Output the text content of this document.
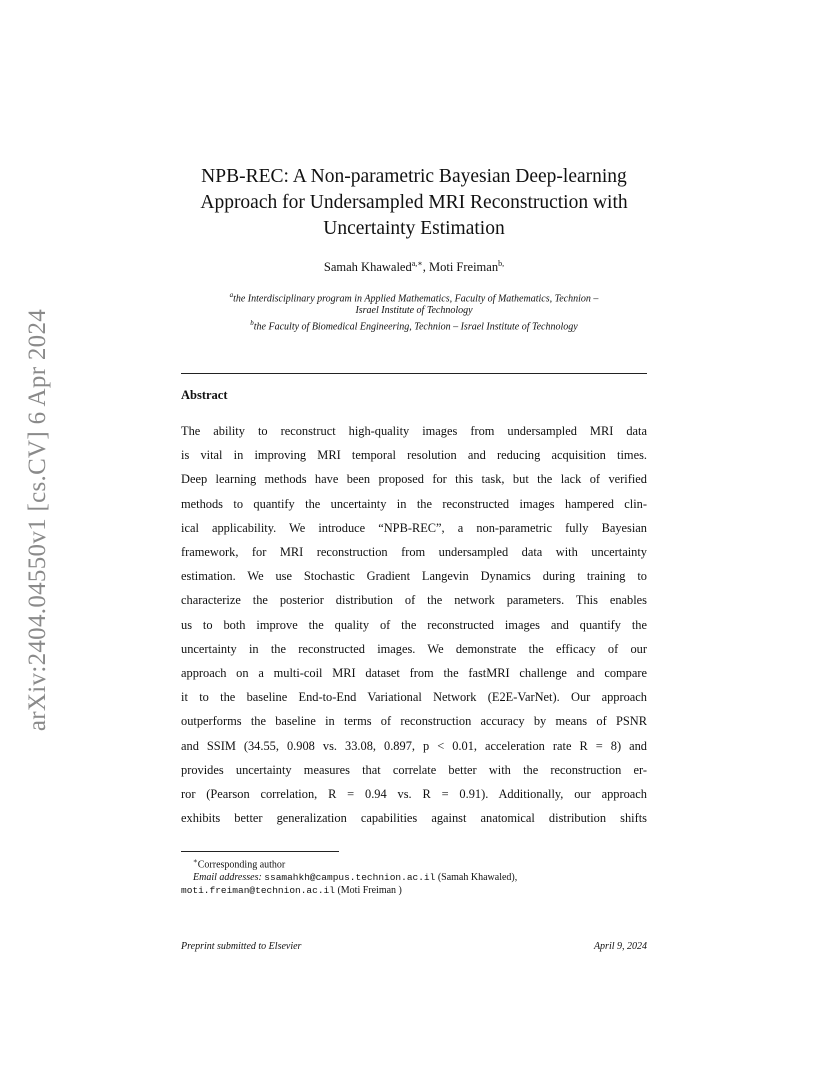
arXiv:2404.04550v1 [cs.CV] 6 Apr 2024
NPB-REC: A Non-parametric Bayesian Deep-learning
Approach for Undersampled MRI Reconstruction with
Uncertainty Estimation
Samah Khawaled$^{a,∗}$, Moti Freiman$^{b,}$
$^a$the Interdisciplinary program in Applied Mathematics, Faculty of Mathematics, Technion –
Israel Institute of Technology
$^b$the Faculty of Biomedical Engineering, Technion – Israel Institute of Technology
Abstract
The ability to reconstruct high-quality images from undersampled MRI data
is vital in improving MRI temporal resolution and reducing acquisition times.
Deep learning methods have been proposed for this task, but the lack of verified
methods to quantify the uncertainty in the reconstructed images hampered clin-
ical applicability. We introduce “NPB-REC”, a non-parametric fully Bayesian
framework, for MRI reconstruction from undersampled data with uncertainty
estimation. We use Stochastic Gradient Langevin Dynamics during training to
characterize the posterior distribution of the network parameters. This enables
us to both improve the quality of the reconstructed images and quantify the
uncertainty in the reconstructed images. We demonstrate the efficacy of our
approach on a multi-coil MRI dataset from the fastMRI challenge and compare
it to the baseline End-to-End Variational Network (E2E-VarNet). Our approach
outperforms the baseline in terms of reconstruction accuracy by means of PSNR
and SSIM (34.55, 0.908 vs. 33.08, 0.897, p < 0.01, acceleration rate R = 8) and
provides uncertainty measures that correlate better with the reconstruction er-
ror (Pearson correlation, R = 0.94 vs. R = 0.91). Additionally, our approach
exhibits better generalization capabilities against anatomical distribution shifts
∗Corresponding author
Email addresses: ssamahkh@campus.technion.ac.il (Samah Khawaled),
moti.freiman@technion.ac.il (Moti Freiman )
Preprint submitted to Elsevier	April 9, 2024
